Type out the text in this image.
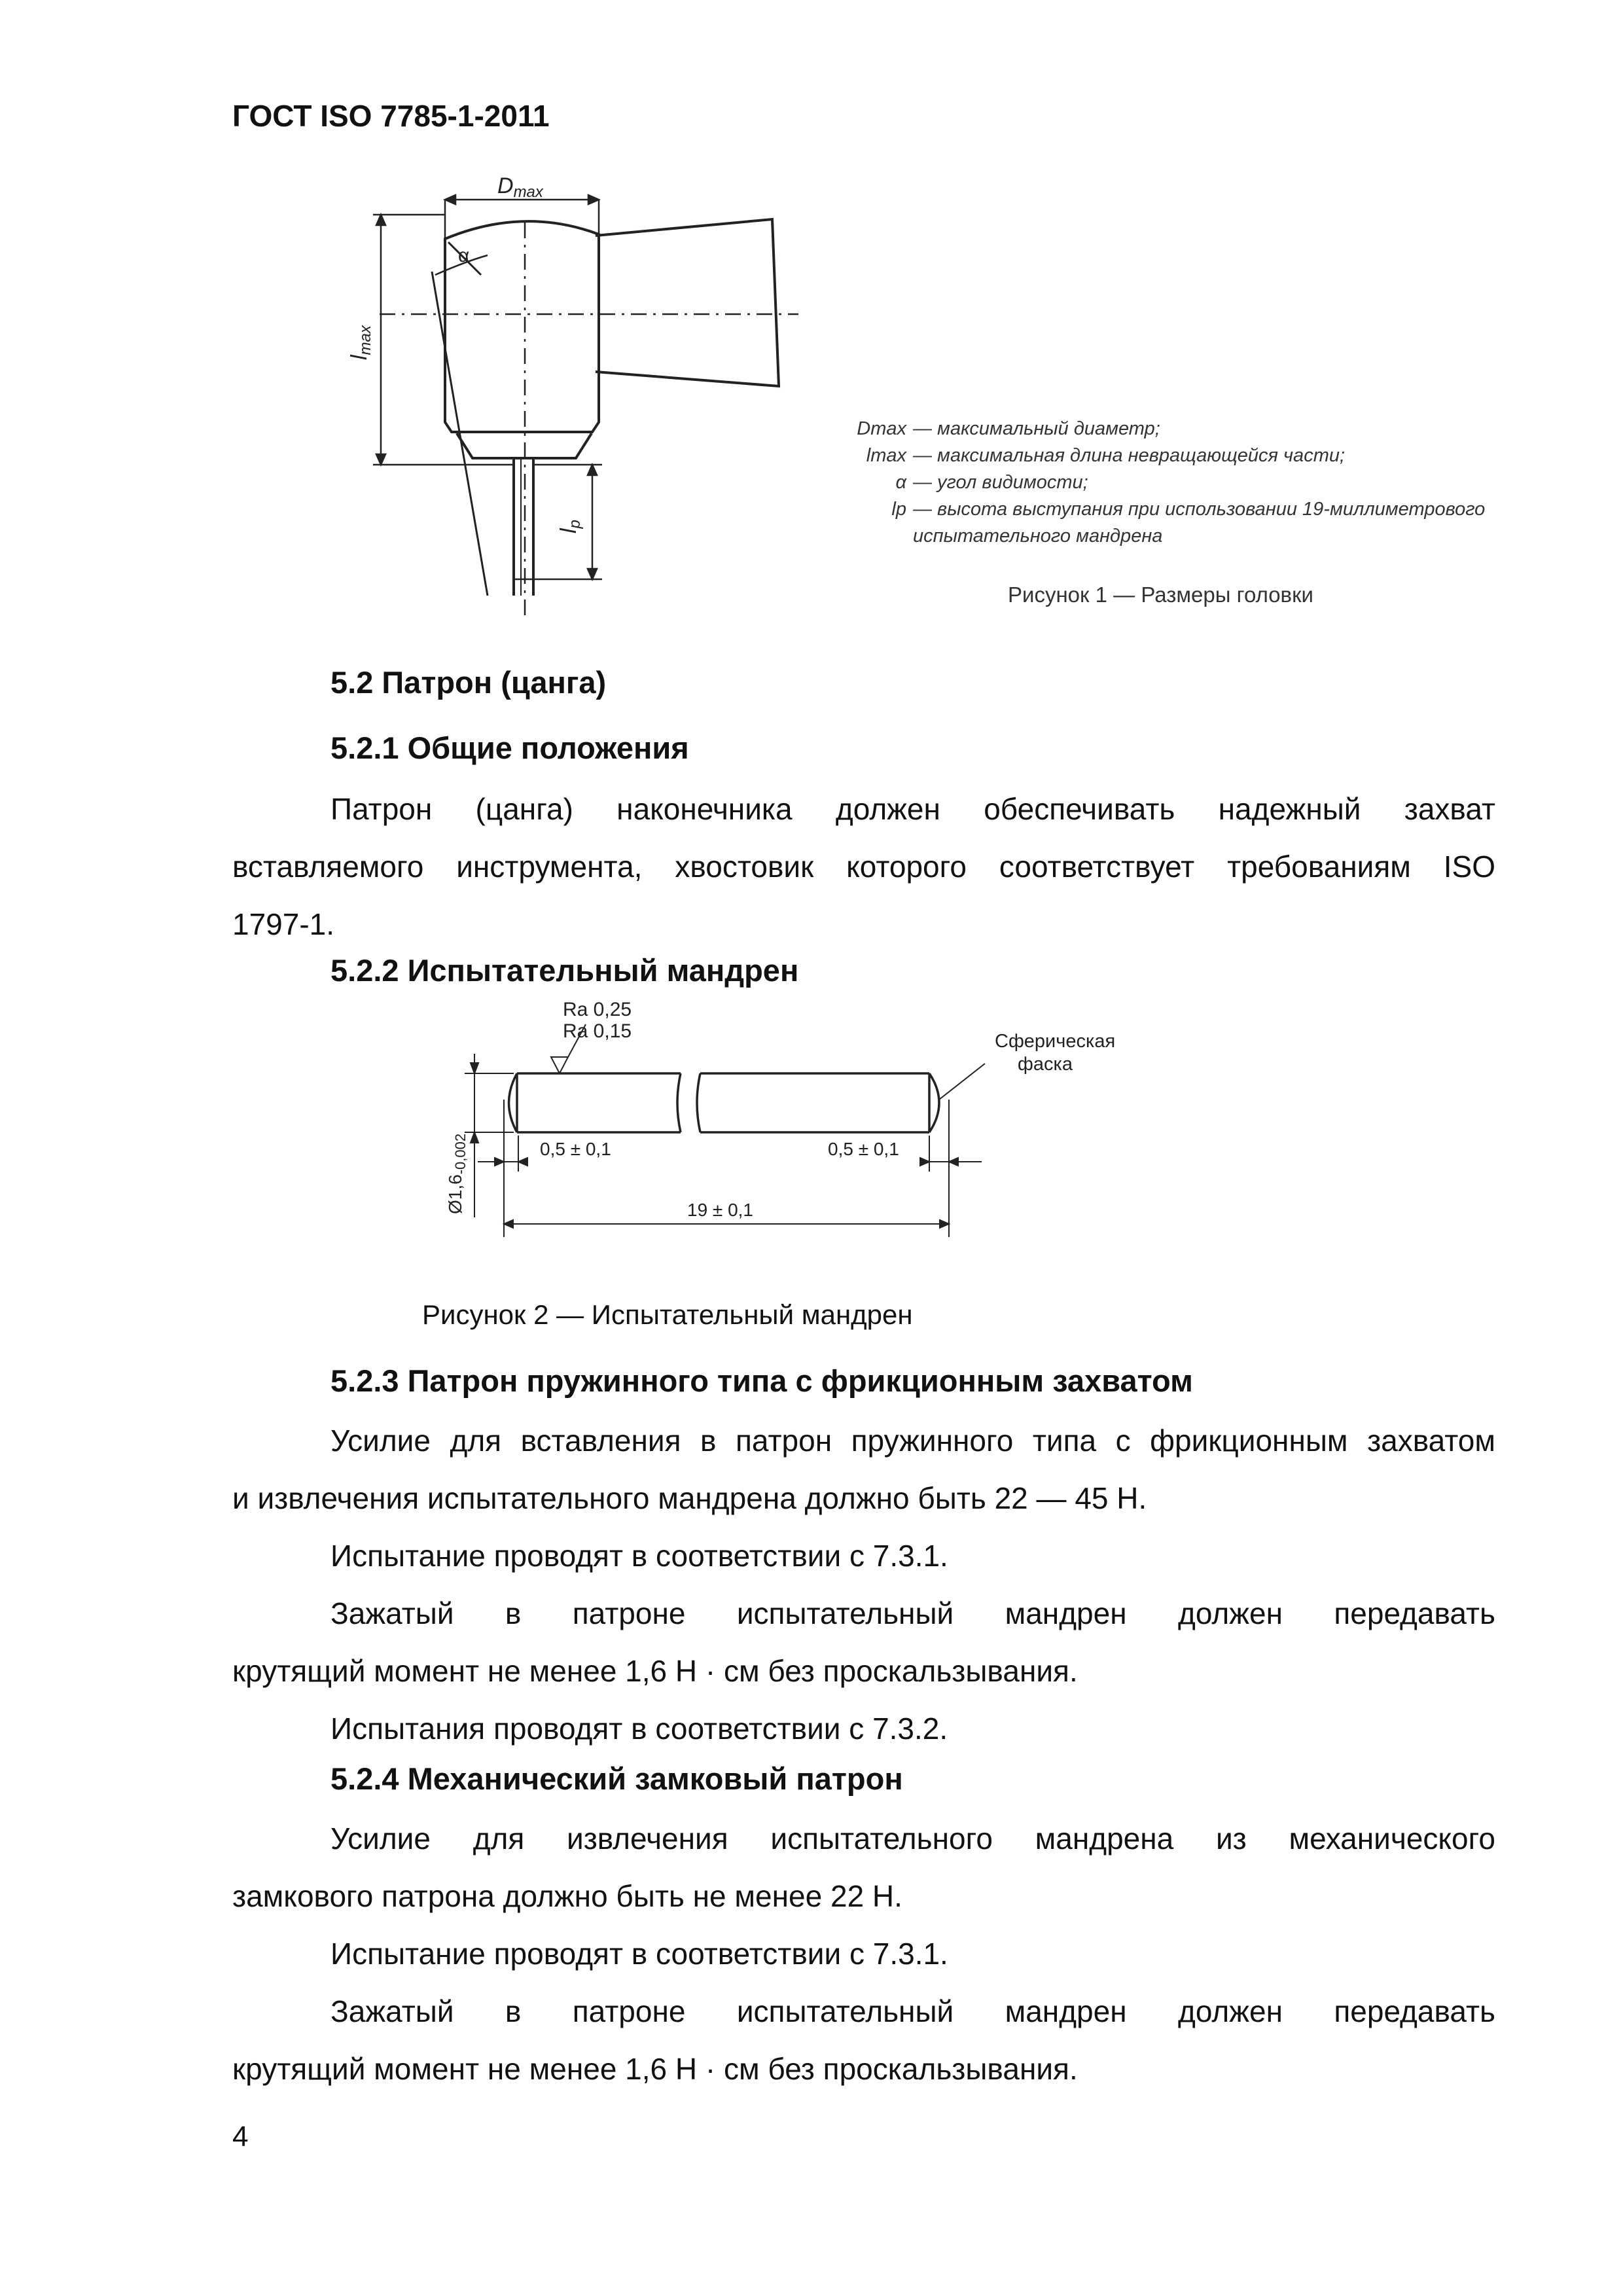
ГОСТ ISO 7785-1-2011
Dmax
α
lmax
lp
Dmax — максимальный диаметр;
lmax — максимальная длина невращающейся части;
α — угол видимости;
lp — высота выступания при использовании 19-миллиметрового
испытательного мандрена
Рисунок 1 — Размеры головки
5.2 Патрон (цанга)
5.2.1 Общие положения
Патрон (цанга) наконечника должен обеспечивать надежный захват
вставляемого инструмента, хвостовик которого соответствует требованиям ISO
1797-1.
5.2.2 Испытательный мандрен
Ra 0,25
Ra 0,15	Сферическая
фаска
0,5 ± 0,1	0,5 ± 0,1
19 ± 0,1
$Ø1,6_{-0,002}$
Рисунок 2 — Испытательный мандрен
5.2.3 Патрон пружинного типа с фрикционным захватом
Усилие для вставления в патрон пружинного типа с фрикционным захватом
и извлечения испытательного мандрена должно быть 22 — 45 Н.
Испытание проводят в соответствии с 7.3.1.
Зажатый в патроне испытательный мандрен должен передавать
крутящий момент не менее 1,6 Н · см без проскальзывания.
Испытания проводят в соответствии с 7.3.2.
5.2.4 Механический замковый патрон
Усилие для извлечения испытательного мандрена из механического
замкового патрона должно быть не менее 22 Н.
Испытание проводят в соответствии с 7.3.1.
Зажатый в патроне испытательный мандрен должен передавать
крутящий момент не менее 1,6 Н · см без проскальзывания.
4
